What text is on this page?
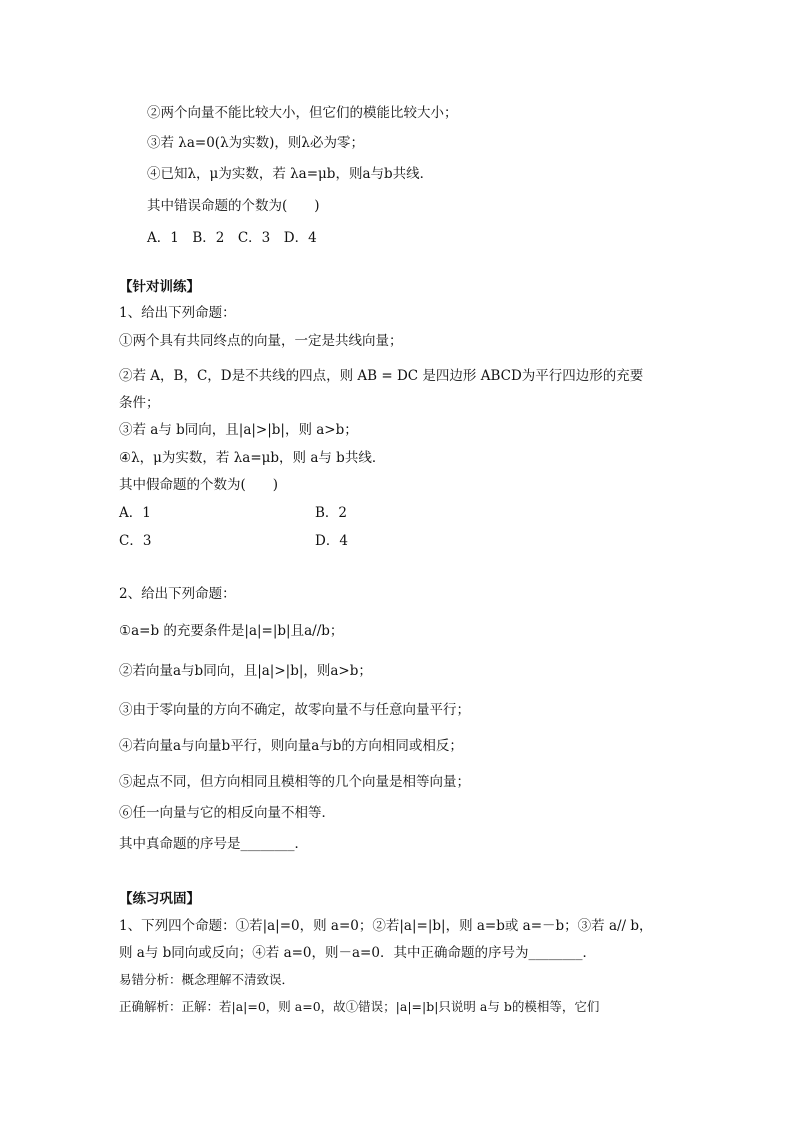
②两个向量不能比较大小，但它们的模能比较大小；
③若 λa=0(λ为实数)，则λ必为零；
④已知λ，μ为实数，若 λa=μb，则a与b共线．
其中错误命题的个数为(　　)
A．1　B．2　C．3　D．4
【针对训练】
1、给出下列命题：
①两个具有共同终点的向量，一定是共线向量；
②若 A，B，C，D是不共线的四点，则 AB = DC 是四边形 ABCD为平行四边形的充要
条件；
③若 a与 b同向，且|a|>|b|，则 a>b；
④λ，μ为实数，若 λa=μb，则 a与 b共线．
其中假命题的个数为(　　)
A．1	B．2
C．3	D．4
2、给出下列命题：
①a=b 的充要条件是|a|=|b|且a//b；
②若向量a与b同向，且|a|>|b|，则a>b；
③由于零向量的方向不确定，故零向量不与任意向量平行；
④若向量a与向量b平行，则向量a与b的方向相同或相反；
⑤起点不同，但方向相同且模相等的几个向量是相等向量；
⑥任一向量与它的相反向量不相等．
其中真命题的序号是________．
【练习巩固】
1、下列四个命题：①若|a|=0，则 a=0；②若|a|=|b|，则 a=b或 a=－b；③若 a// b，
则 a与 b同向或反向；④若 a=0，则－a=0．其中正确命题的序号为________．
易错分析：概念理解不清致误．
正确解析：正解：若|a|=0，则 a=0，故①错误；|a|=|b|只说明 a与 b的模相等，它们
